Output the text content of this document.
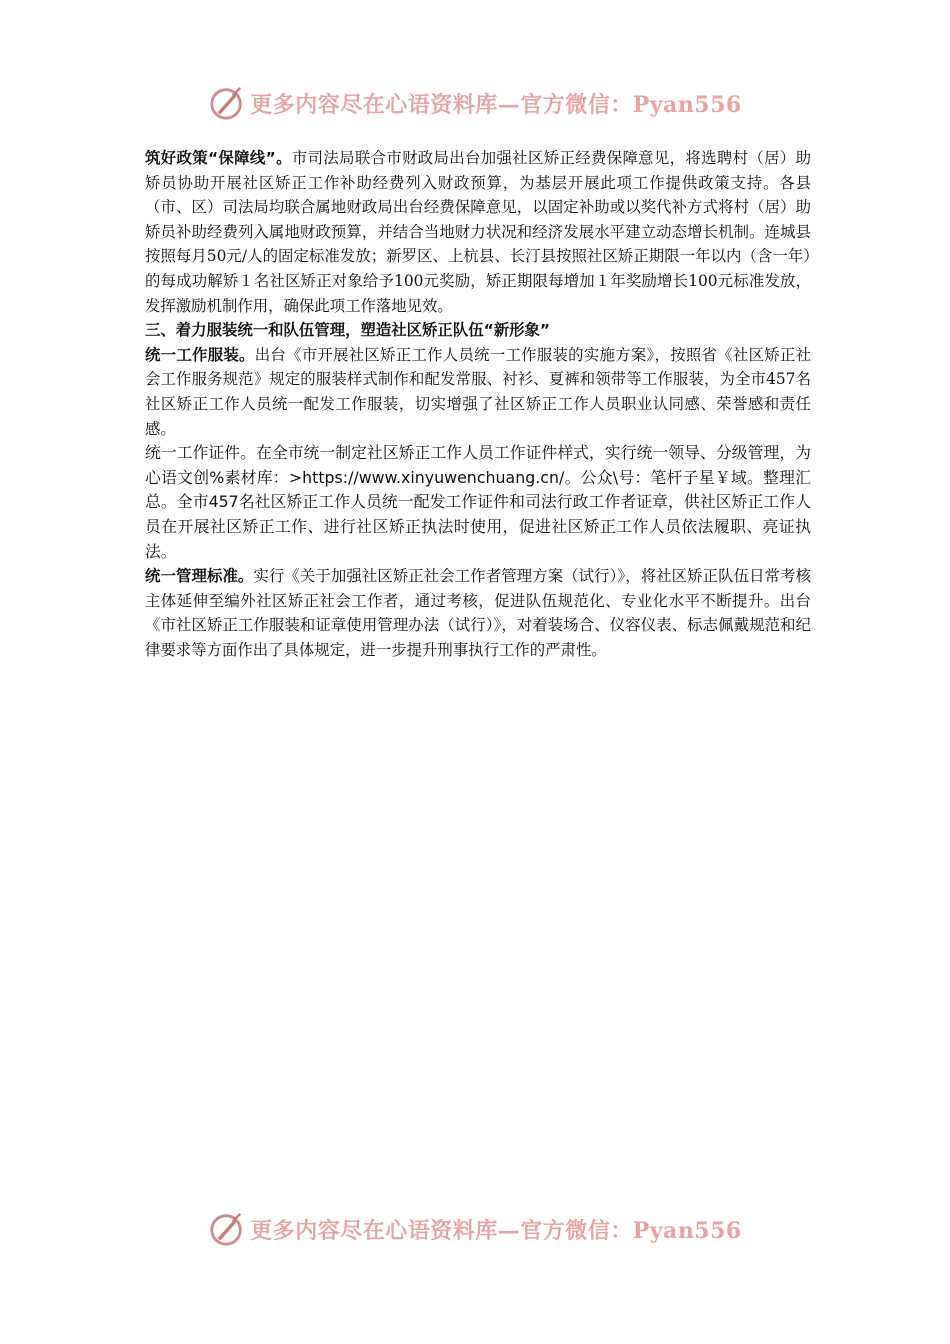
更多内容尽在心语资料库—官方微信：Pyan556

筑好政策“保障线”。市司法局联合市财政局出台加强社区矫正经费保障意见，将选聘村（居）助矫员协助开展社区矫正工作补助经费列入财政预算，为基层开展此项工作提供政策支持。各县（市、区）司法局均联合属地财政局出台经费保障意见，以固定补助或以奖代补方式将村（居）助矫员补助经费列入属地财政预算，并结合当地财力状况和经济发展水平建立动态增长机制。连城县按照每月50元/人的固定标准发放；新罗区、上杭县、长汀县按照社区矫正期限一年以内（含一年）的每成功解矫１名社区矫正对象给予100元奖励，矫正期限每增加１年奖励增长100元标准发放，发挥激励机制作用，确保此项工作落地见效。

三、着力服装统一和队伍管理，塑造社区矫正队伍“新形象”

统一工作服装。出台《市开展社区矫正工作人员统一工作服装的实施方案》，按照省《社区矫正社会工作服务规范》规定的服装样式制作和配发常服、衬衫、夏裤和领带等工作服装，为全市457名社区矫正工作人员统一配发工作服装，切实增强了社区矫正工作人员职业认同感、荣誉感和责任感。

统一工作证件。在全市统一制定社区矫正工作人员工作证件样式，实行统一领导、分级管理，为心语文创%素材库：>https://www.xinyuwenchuang.cn/。公众\号：笔杆子星￥域。整理汇总。全市457名社区矫正工作人员统一配发工作证件和司法行政工作者证章，供社区矫正工作人员在开展社区矫正工作、进行社区矫正执法时使用，促进社区矫正工作人员依法履职、亮证执法。

统一管理标准。实行《关于加强社区矫正社会工作者管理方案（试行）》，将社区矫正队伍日常考核主体延伸至编外社区矫正社会工作者，通过考核，促进队伍规范化、专业化水平不断提升。出台《市社区矫正工作服装和证章使用管理办法（试行）》，对着装场合、仪容仪表、标志佩戴规范和纪律要求等方面作出了具体规定，进一步提升刑事执行工作的严肃性。

更多内容尽在心语资料库—官方微信：Pyan556
